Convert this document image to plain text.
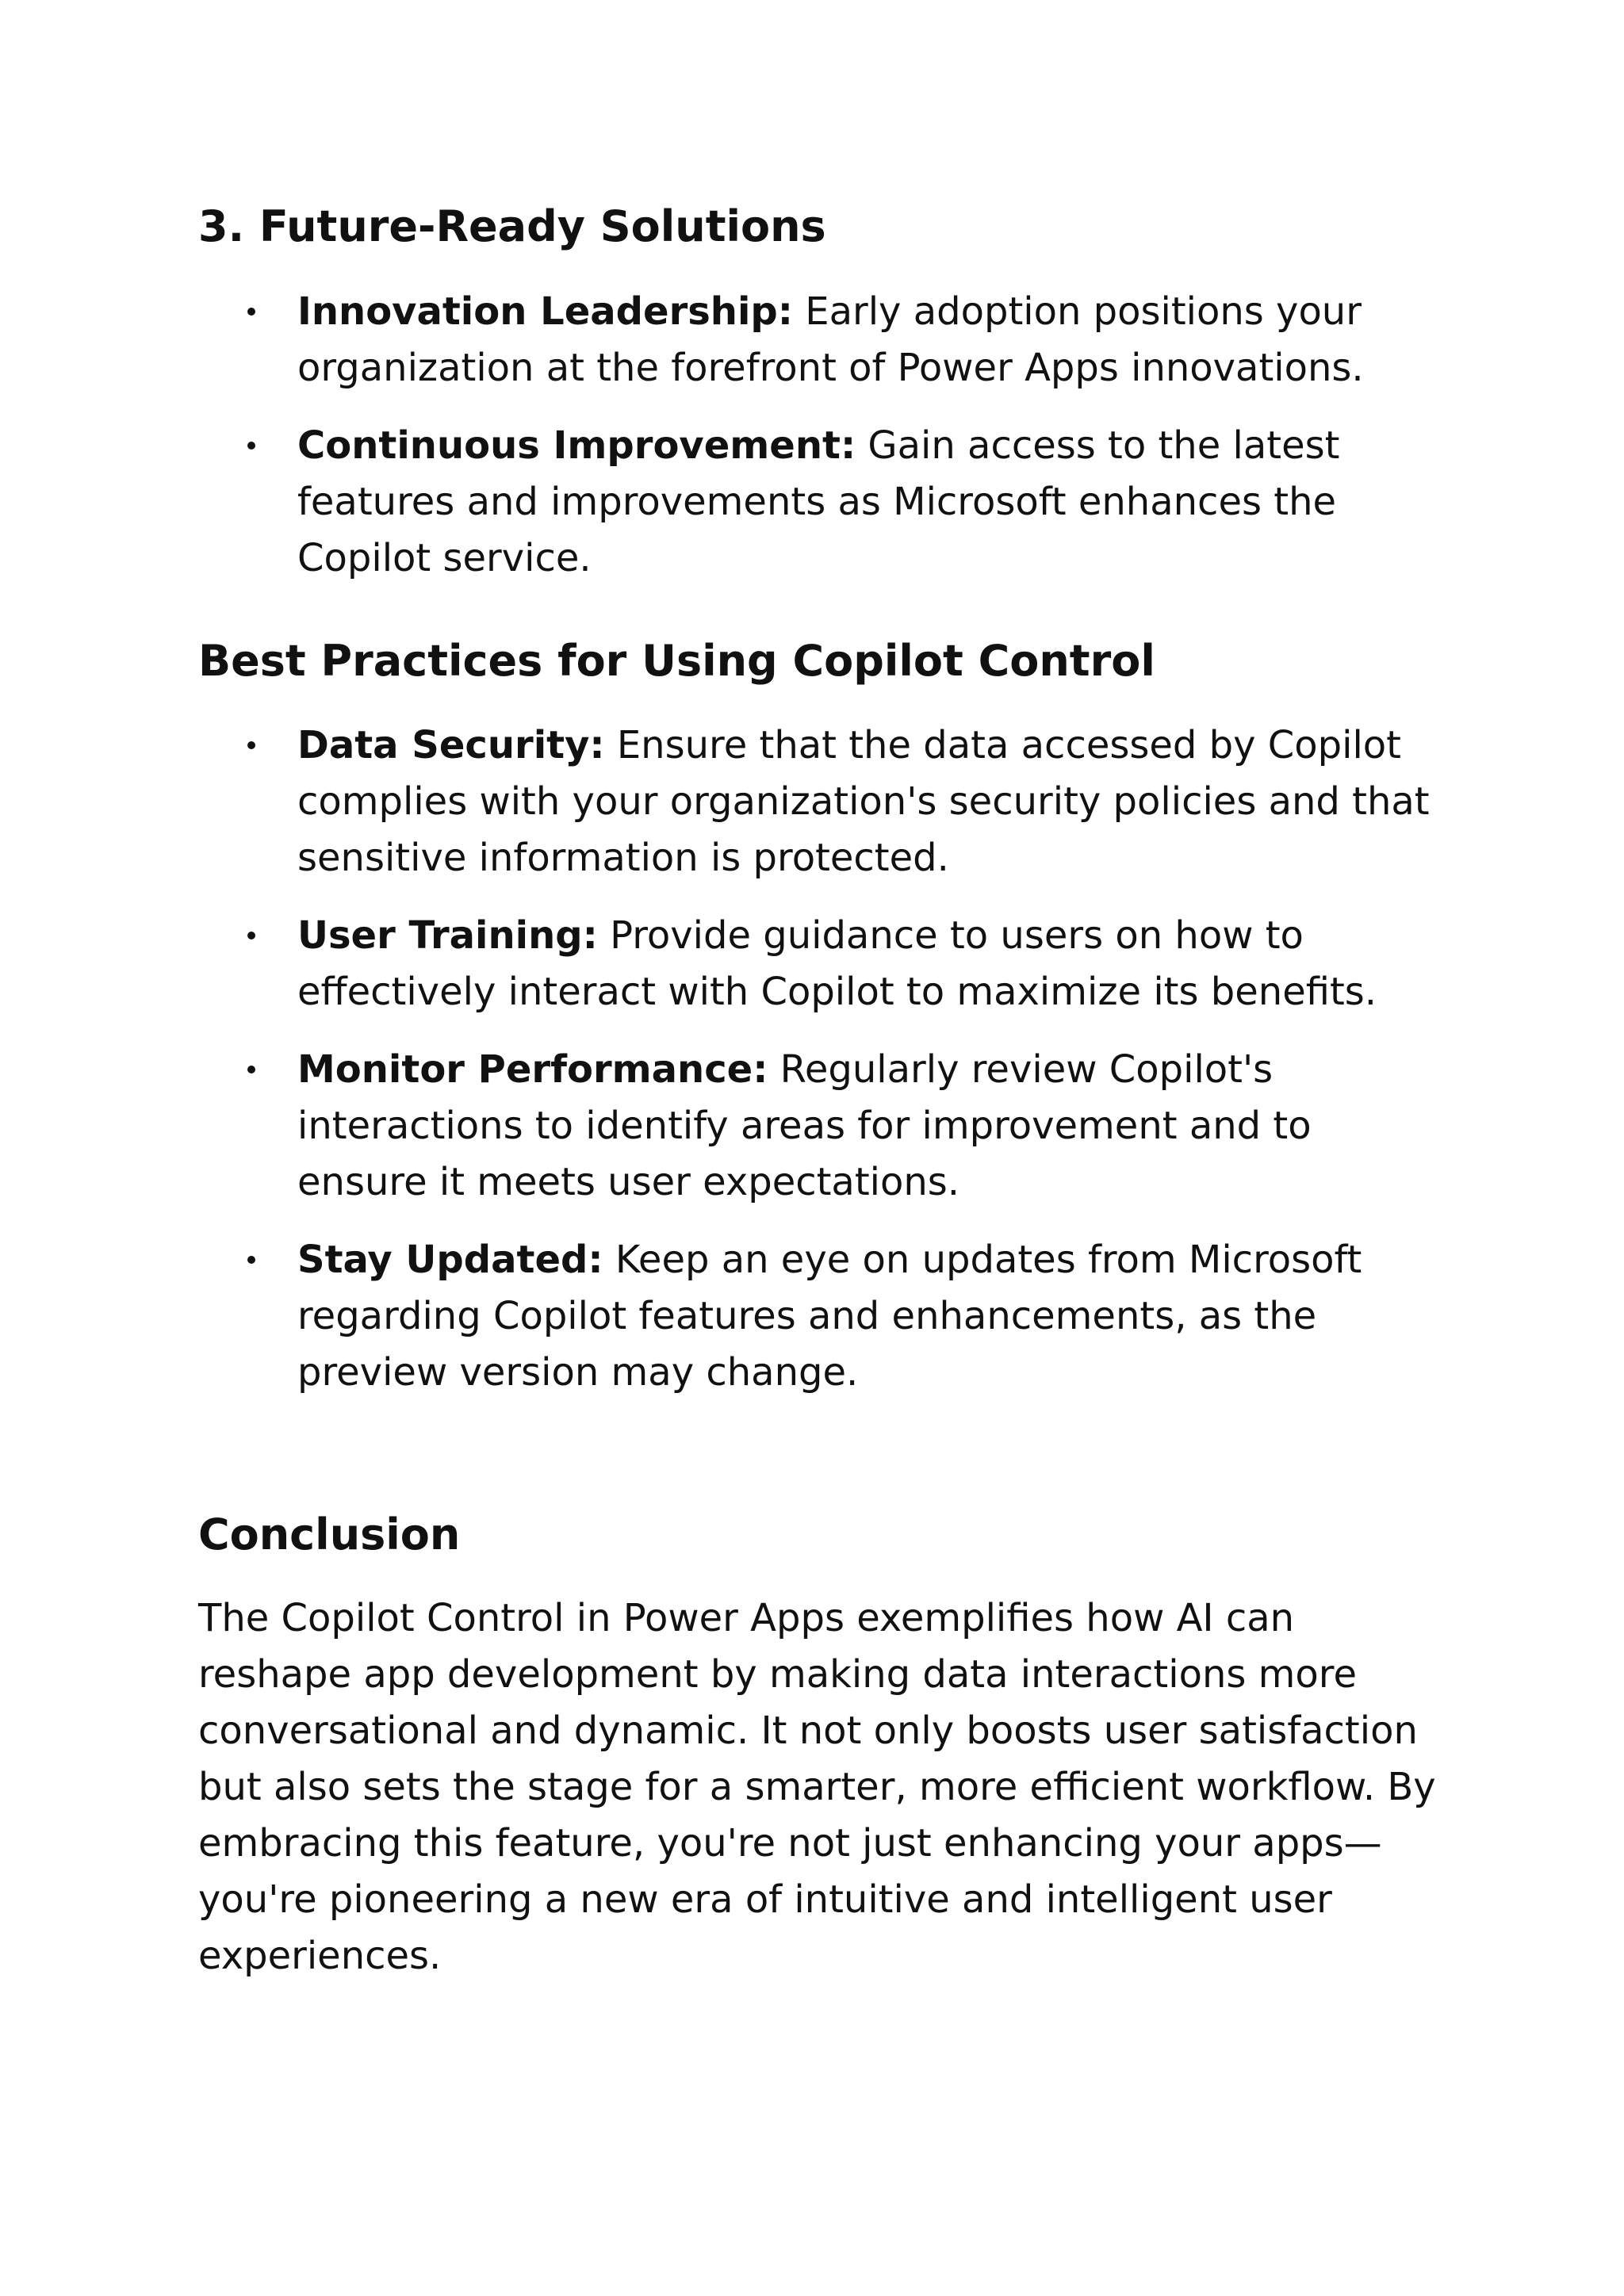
3. Future-Ready Solutions
Innovation Leadership: Early adoption positions your organization at the forefront of Power Apps innovations.
Continuous Improvement: Gain access to the latest features and improvements as Microsoft enhances the Copilot service.
Best Practices for Using Copilot Control
Data Security: Ensure that the data accessed by Copilot complies with your organization's security policies and that sensitive information is protected.
User Training: Provide guidance to users on how to effectively interact with Copilot to maximize its benefits.
Monitor Performance: Regularly review Copilot's interactions to identify areas for improvement and to ensure it meets user expectations.
Stay Updated: Keep an eye on updates from Microsoft regarding Copilot features and enhancements, as the preview version may change.
Conclusion

The Copilot Control in Power Apps exemplifies how AI can reshape app development by making data interactions more conversational and dynamic. It not only boosts user satisfaction but also sets the stage for a smarter, more efficient workflow. By embracing this feature, you're not just enhancing your apps—you're pioneering a new era of intuitive and intelligent user experiences.
